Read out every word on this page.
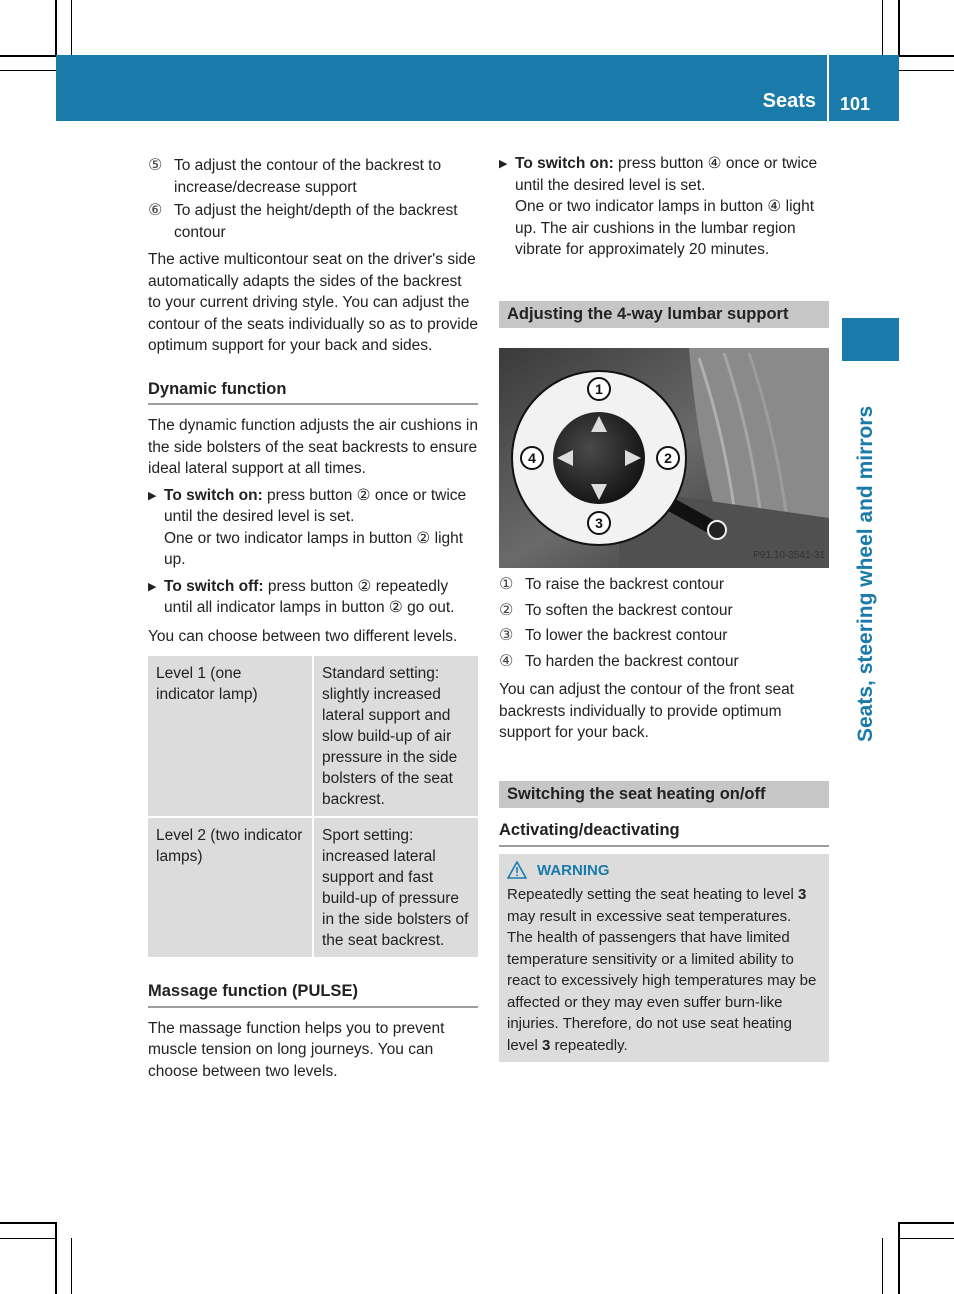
Seats 101
Seats, steering wheel and mirrors
⑤ To adjust the contour of the backrest to increase/decrease support
⑥ To adjust the height/depth of the backrest contour

The active multicontour seat on the driver's side automatically adapts the sides of the backrest to your current driving style. You can adjust the contour of the seats individually so as to provide optimum support for your back and sides.

Dynamic function

The dynamic function adjusts the air cushions in the side bolsters of the seat backrests to ensure ideal lateral support at all times.

▶ To switch on: press button ② once or twice until the desired level is set.
One or two indicator lamps in button ② light up.
▶ To switch off: press button ② repeatedly until all indicator lamps in button ② go out.

You can choose between two different levels.

Level 1 (one indicator lamp)	Standard setting: slightly increased lateral support and slow build-up of air pressure in the side bolsters of the seat backrest.
Level 2 (two indicator lamps)	Sport setting: increased lateral support and fast build-up of pressure in the side bolsters of the seat backrest.
Massage function (PULSE)

The massage function helps you to prevent muscle tension on long journeys. You can choose between two levels.

▶ To switch on: press button ④ once or twice until the desired level is set.
One or two indicator lamps in button ④ light up. The air cushions in the lumbar region vibrate for approximately 20 minutes.
Adjusting the 4-way lumbar support
1
2
3
4
P91.10-3541-31
① To raise the backrest contour
② To soften the backrest contour
③ To lower the backrest contour
④ To harden the backrest contour

You can adjust the contour of the front seat backrests individually to provide optimum support for your back.

Switching the seat heating on/off
Activating/deactivating
WARNING

Repeatedly setting the seat heating to level 3 may result in excessive seat temperatures. The health of passengers that have limited temperature sensitivity or a limited ability to react to excessively high temperatures may be affected or they may even suffer burn-like injuries. Therefore, do not use seat heating level 3 repeatedly.
